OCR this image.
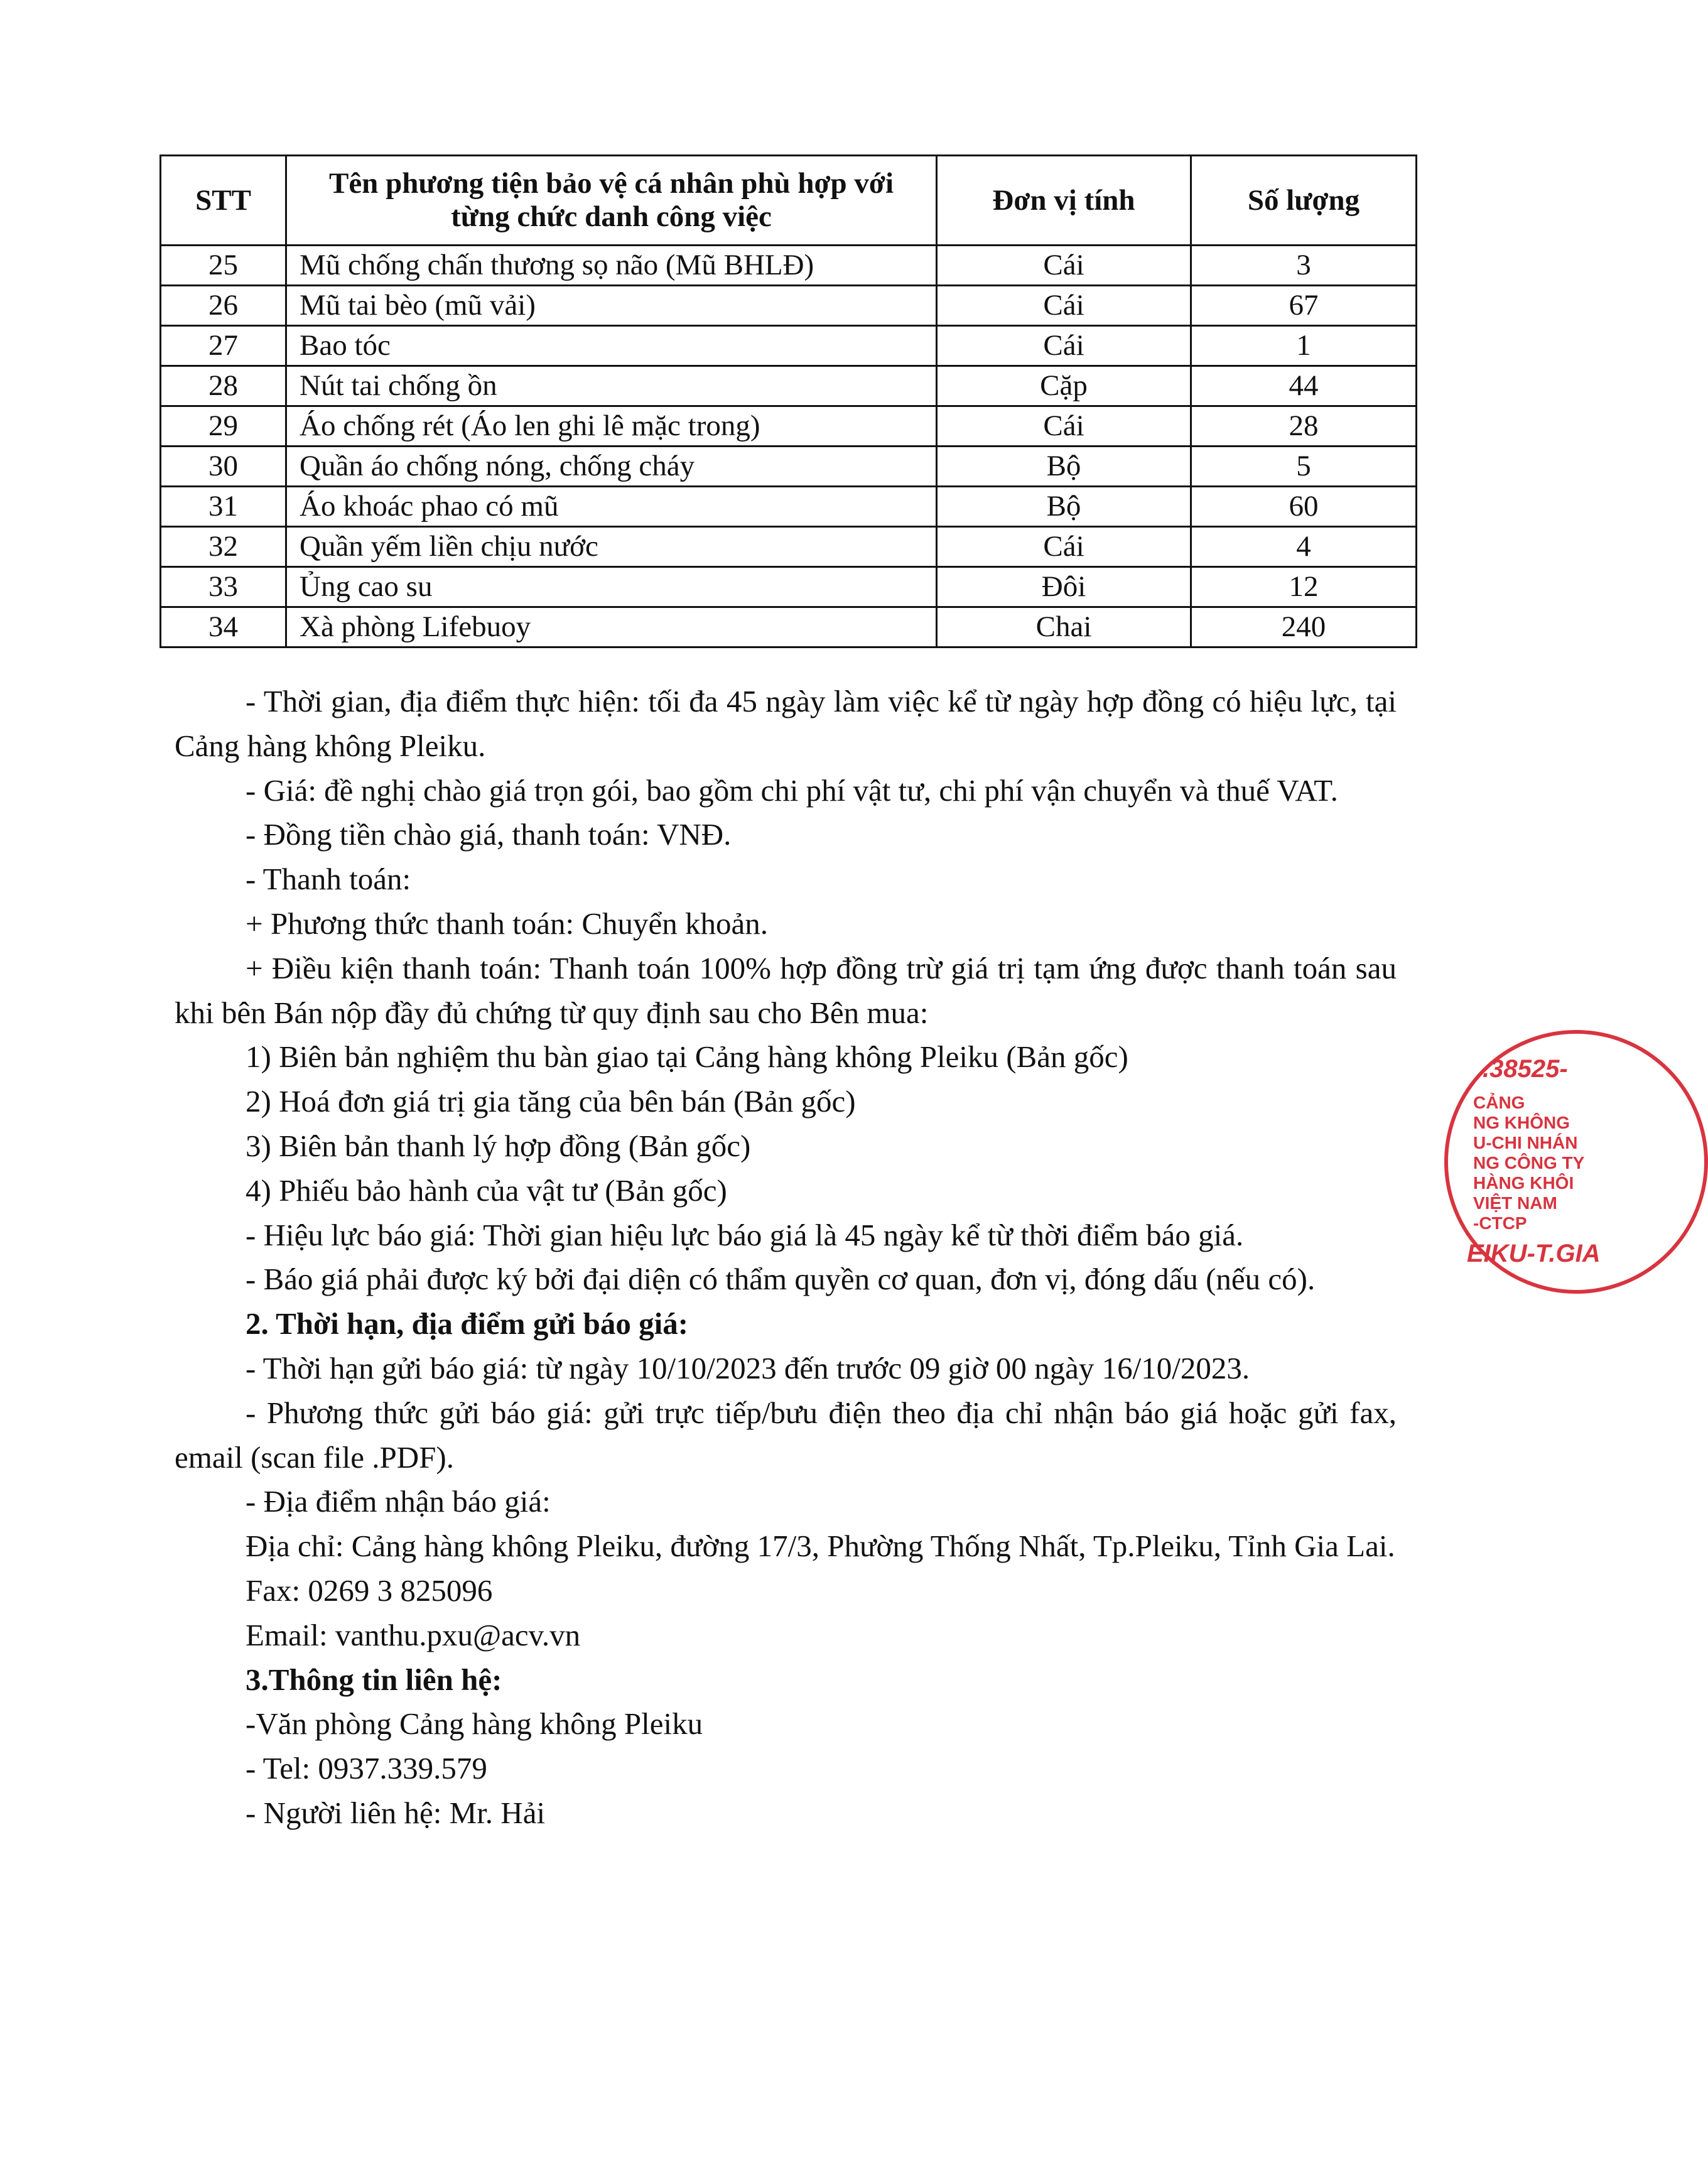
STT	Tên phương tiện bảo vệ cá nhân phù hợp với từng chức danh công việc	Đơn vị tính	Số lượng
25	Mũ chống chấn thương sọ não (Mũ BHLĐ)	Cái	3
26	Mũ tai bèo (mũ vải)	Cái	67
27	Bao tóc	Cái	1
28	Nút tai chống ồn	Cặp	44
29	Áo chống rét (Áo len ghi lê mặc trong)	Cái	28
30	Quần áo chống nóng, chống cháy	Bộ	5
31	Áo khoác phao có mũ	Bộ	60
32	Quần yếm liền chịu nước	Cái	4
33	Ủng cao su	Đôi	12
34	Xà phòng Lifebuoy	Chai	240

- Thời gian, địa điểm thực hiện: tối đa 45 ngày làm việc kể từ ngày hợp đồng có hiệu lực, tại Cảng hàng không Pleiku.

- Giá: đề nghị chào giá trọn gói, bao gồm chi phí vật tư, chi phí vận chuyển và thuế VAT.

- Đồng tiền chào giá, thanh toán: VNĐ.

- Thanh toán:

+ Phương thức thanh toán: Chuyển khoản.

+ Điều kiện thanh toán: Thanh toán 100% hợp đồng trừ giá trị tạm ứng được thanh toán sau khi bên Bán nộp đầy đủ chứng từ quy định sau cho Bên mua:

1) Biên bản nghiệm thu bàn giao tại Cảng hàng không Pleiku (Bản gốc)

2) Hoá đơn giá trị gia tăng của bên bán (Bản gốc)

3) Biên bản thanh lý hợp đồng (Bản gốc)

4) Phiếu bảo hành của vật tư (Bản gốc)

- Hiệu lực báo giá: Thời gian hiệu lực báo giá là 45 ngày kể từ thời điểm báo giá.

- Báo giá phải được ký bởi đại diện có thẩm quyền cơ quan, đơn vị, đóng dấu (nếu có).

2. Thời hạn, địa điểm gửi báo giá:

- Thời hạn gửi báo giá: từ ngày 10/10/2023 đến trước 09 giờ 00 ngày 16/10/2023.

- Phương thức gửi báo giá: gửi trực tiếp/bưu điện theo địa chỉ nhận báo giá hoặc gửi fax, email (scan file .PDF).

- Địa điểm nhận báo giá:

Địa chỉ: Cảng hàng không Pleiku, đường 17/3, Phường Thống Nhất, Tp.Pleiku, Tỉnh Gia Lai.

Fax: 0269 3 825096

Email: vanthu.pxu@acv.vn

3.Thông tin liên hệ:

-Văn phòng Cảng hàng không Pleiku

- Tel: 0937.339.579

- Người liên hệ: Mr. Hải

.38525-
CẢNG
NG KHÔNG
U-CHI NHÁN
NG CÔNG TY
HÀNG KHÔI
VIỆT NAM
-CTCP
EIKU-T.GIA
